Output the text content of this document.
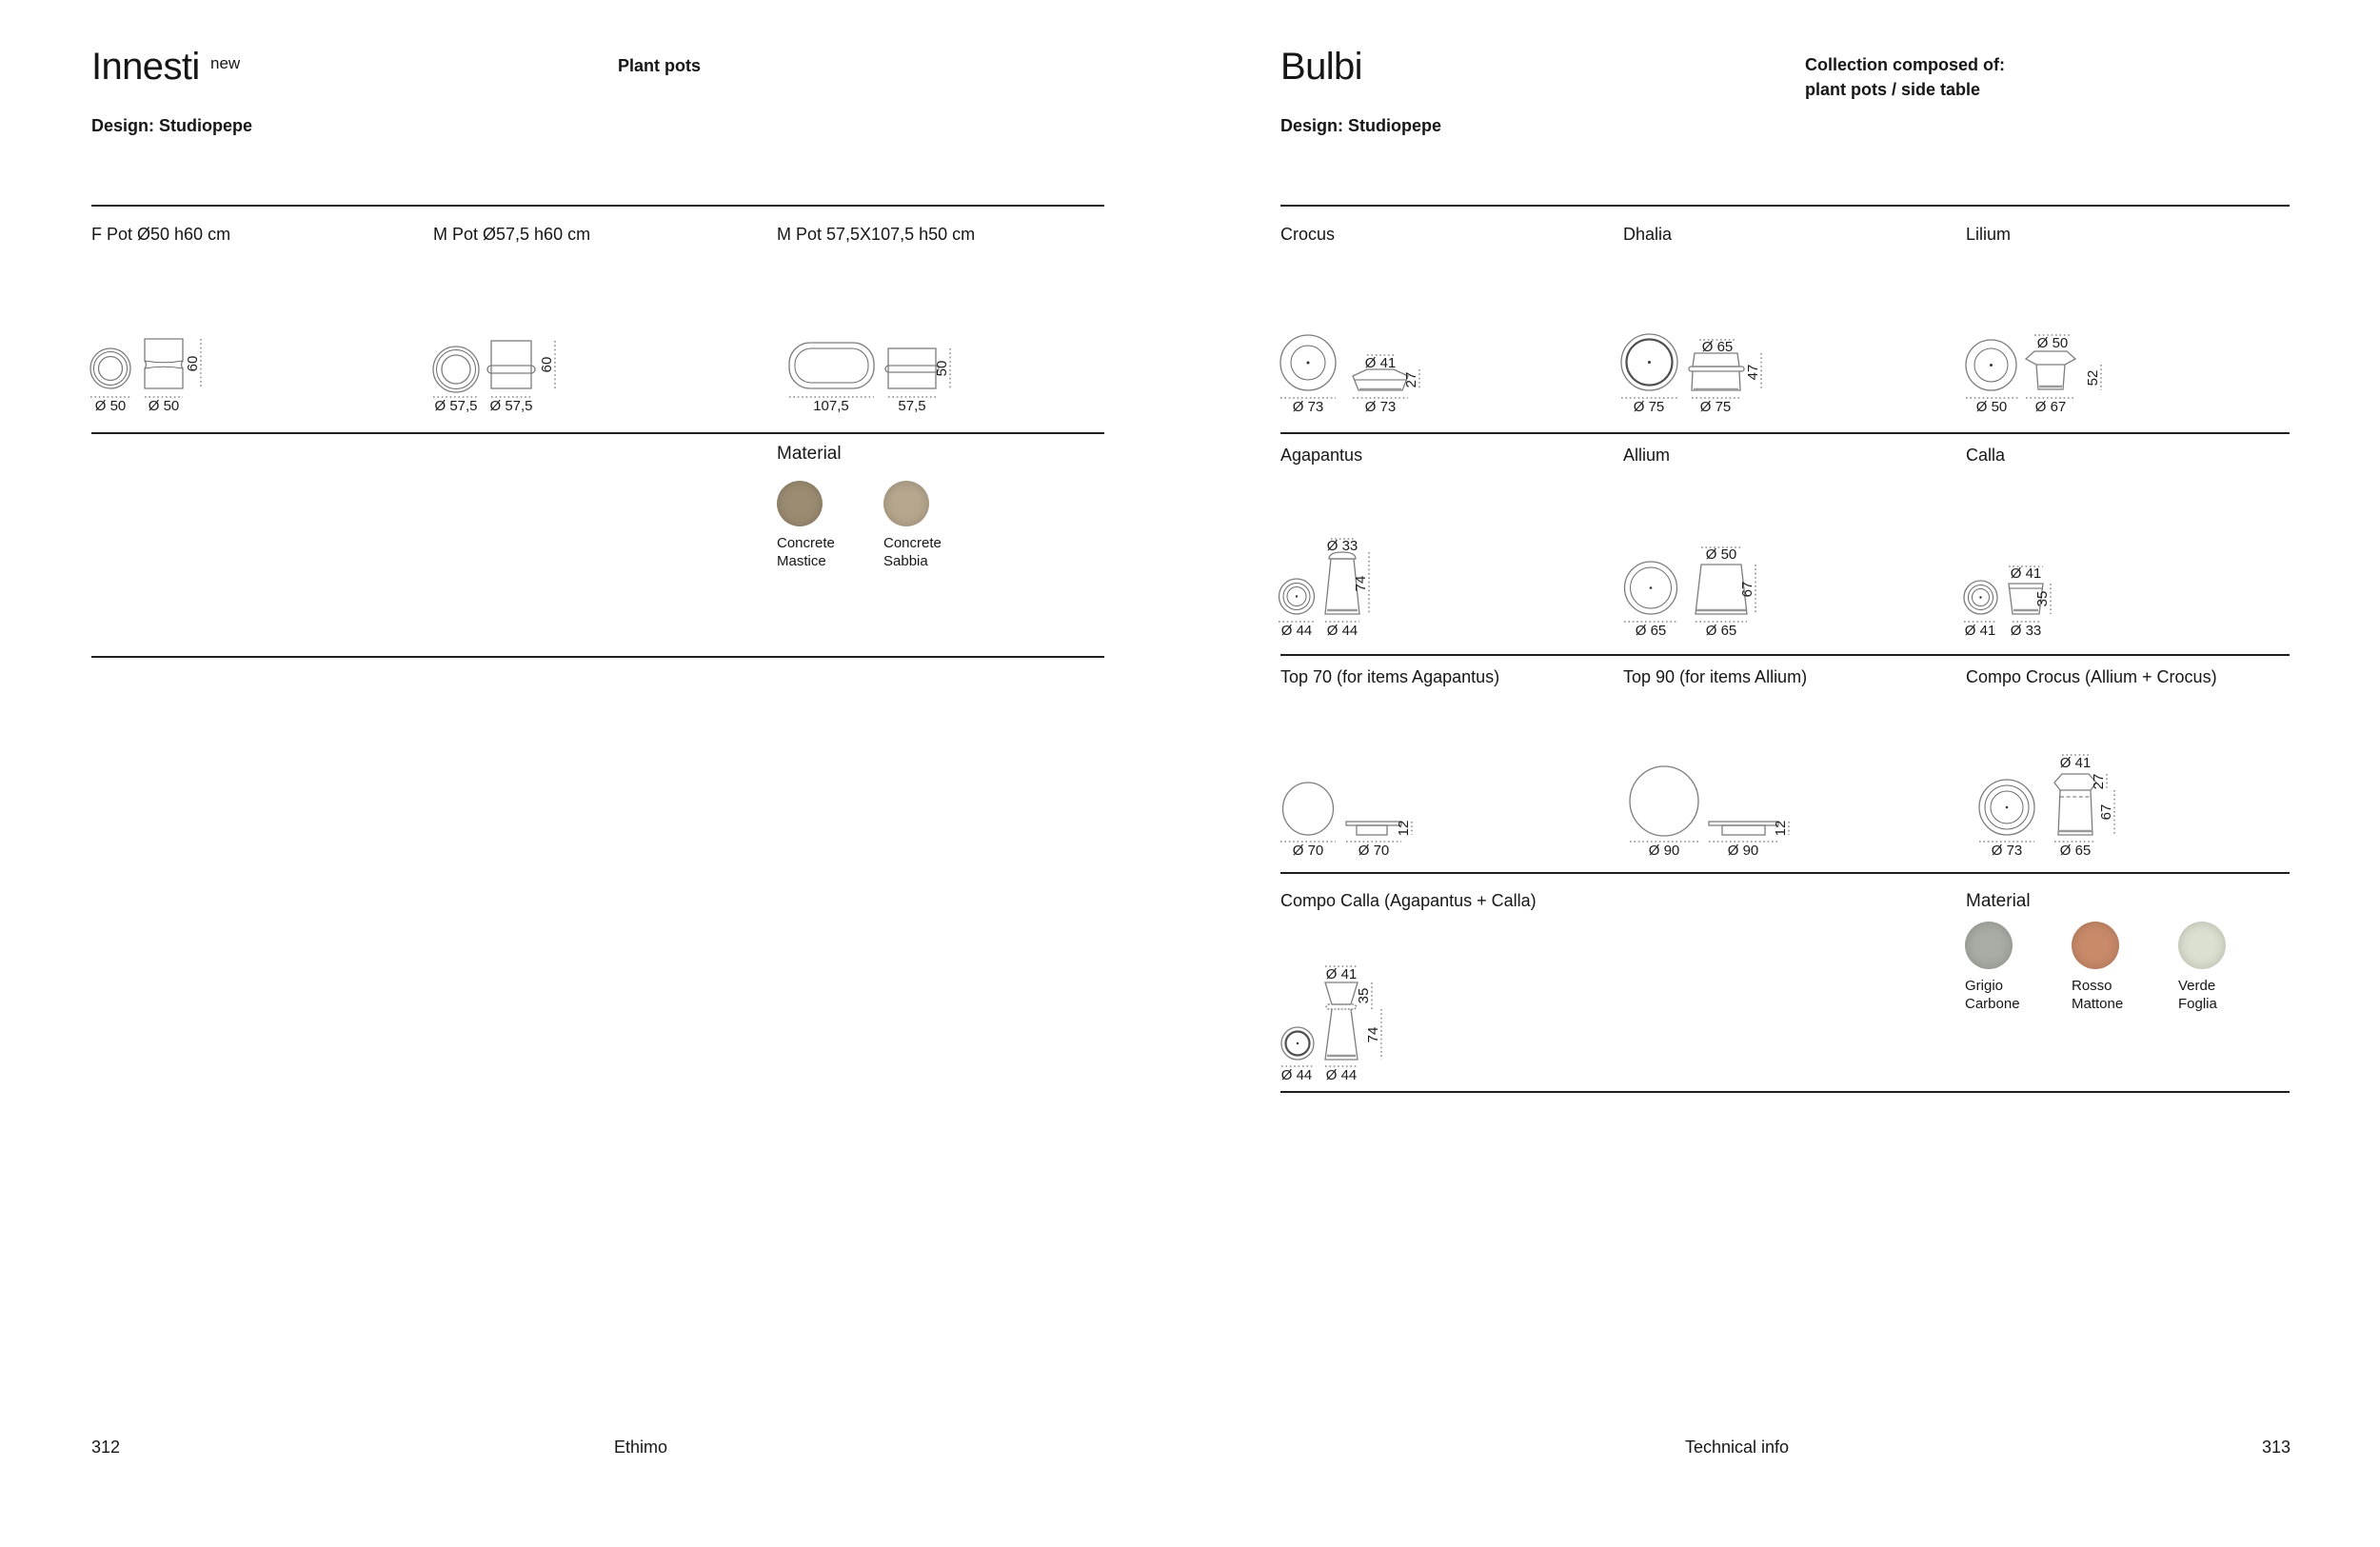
Innesti new	Plant pots
Design: Studiopepe
F Pot Ø50 h60 cm	M Pot Ø57,5 h60 cm	M Pot 57,5X107,5 h50 cm
Ø 50 Ø 50
60
Ø 57,5 Ø 57,5
60
107,5	57,5
50
Material
Concrete
Mastice
Concrete
Sabbia
312	Ethimo
Bulbi	Collection composed of:
plant pots / side table
Design: Studiopepe
Crocus	Dhalia	Lilium
Ø 41
Ø 73	Ø 73
27
Ø 65
Ø 75 Ø 75
47
Ø 50
Ø 50 Ø 67
52
Agapantus	Allium	Calla
Ø 33
Ø 44 Ø 44
74
Ø 50
Ø 65	Ø 65
67
Ø 41
Ø 41 Ø 33
35
Top 70 (for items Agapantus)	Top 90 (for items Allium)	Compo Crocus (Allium + Crocus)
Ø 70 Ø 70
12
Ø 90	Ø 90
12
Ø 41
Ø 73	Ø 65
27
67
Compo Calla (Agapantus + Calla)	Material
Ø 41
Ø 44 Ø 44
35
74
Grigio
Carbone
Rosso
Mattone
Verde
Foglia
Technical info	313
